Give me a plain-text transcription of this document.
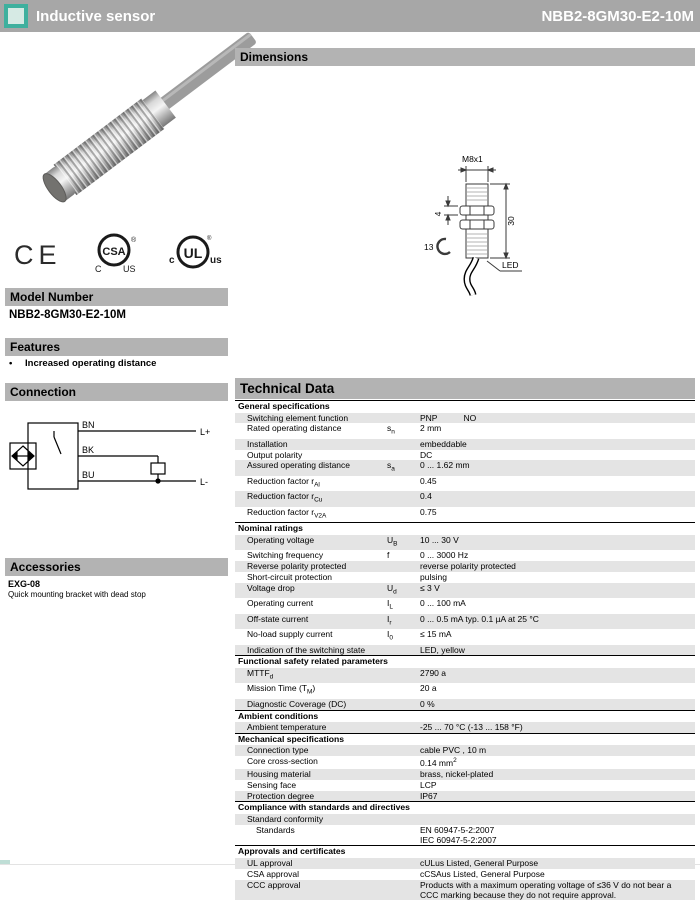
Inductive sensor	NBB2-8GM30-E2-10M
CE	CSA
®
C US
UL
c	us
®
Model Number
NBB2-8GM30-E2-10M
Features
• Increased operating distance
Connection
BN
BK
BU
L+
L-
Accessories
EXG-08
Quick mounting bracket with dead stop
Dimensions
M8x1
4
30
13
LED
Technical Data
General specifications
Switching element function	PNP	NO
Rated operating distance	$s_n$	2 mm
Installation	embeddable
Output polarity	DC
Assured operating distance	$s_a$	0 ... 1.62 mm
Reduction factor $r_{Al}$	0.45
Reduction factor $r_{Cu}$	0.4
Reduction factor $r_{V2A}$	0.75
Nominal ratings
Operating voltage	$U_B$	10 ... 30 V
Switching frequency	f	0 ... 3000 Hz
Reverse polarity protected	reverse polarity protected
Short-circuit protection	pulsing
Voltage drop	$U_d$	≤ 3 V
Operating current	$I_L$	0 ... 100 mA
Off-state current	$I_r$	0 ... 0.5 mA typ. 0.1 µA at 25 °C
No-load supply current	$I_0$	≤ 15 mA
Indication of the switching state	LED, yellow
Functional safety related parameters
$MTTF_d$	2790 a
Mission Time $(T_M)$	20 a
Diagnostic Coverage (DC)	0 %
Ambient conditions
Ambient temperature	-25 ... 70 °C (-13 ... 158 °F)
Mechanical specifications
Connection type	cable PVC , 10 m
Core cross-section	0.14 $mm^2$
Housing material	brass, nickel-plated
Sensing face	LCP
Protection degree	IP67
Compliance with standards and directives
Standard conformity
Standards	EN 60947-5-2:2007
IEC 60947-5-2:2007
Approvals and certificates
UL approval	cULus Listed, General Purpose
CSA approval	cCSAus Listed, General Purpose
CCC approval	Products with a maximum operating voltage of ≤36 V do not bear a
CCC marking because they do not require approval.
